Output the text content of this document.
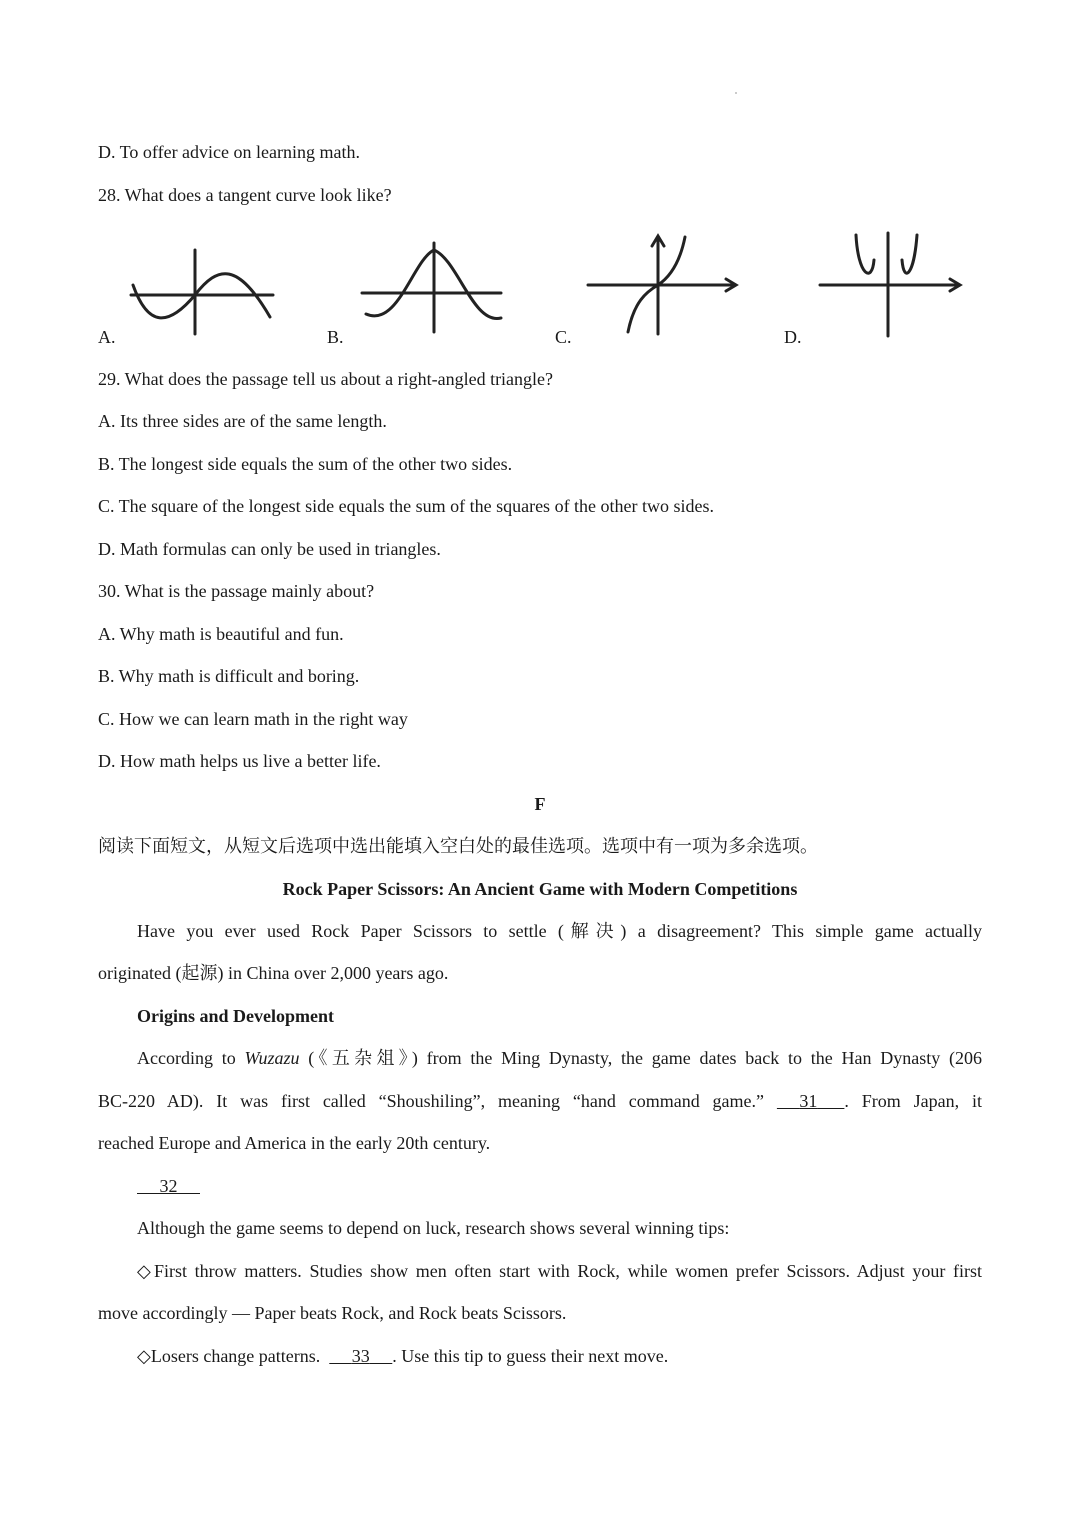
D. To offer advice on learning math.
28. What does a tangent curve look like?
A.	B.	C.	D.
29. What does the passage tell us about a right-angled triangle?
A. Its three sides are of the same length.
B. The longest side equals the sum of the other two sides.
C. The square of the longest side equals the sum of the squares of the other two sides.
D. Math formulas can only be used in triangles.
30. What is the passage mainly about?
A. Why math is beautiful and fun.
B. Why math is difficult and boring.
C. How we can learn math in the right way
D. How math helps us live a better life.
F
阅读下面短文，从短文后选项中选出能填入空白处的最佳选项。选项中有一项为多余选项。
Rock Paper Scissors: An Ancient Game with Modern Competitions
Have you ever used Rock Paper Scissors to settle (解决) a disagreement? This simple game actually
originated (起源) in China over 2,000 years ago.
Origins and Development
According to Wuzazu (《五杂俎》) from the Ming Dynasty, the game dates back to the Han Dynasty (206
BC-220 AD). It was first called “Shoushiling”, meaning “hand command game.” 31 . From Japan, it
reached Europe and America in the early 20th century.
32
Although the game seems to depend on luck, research shows several winning tips:
◇First throw matters. Studies show men often start with Rock, while women prefer Scissors. Adjust your first
move accordingly — Paper beats Rock, and Rock beats Scissors.
◇Losers change patterns. 33 . Use this tip to guess their next move.
